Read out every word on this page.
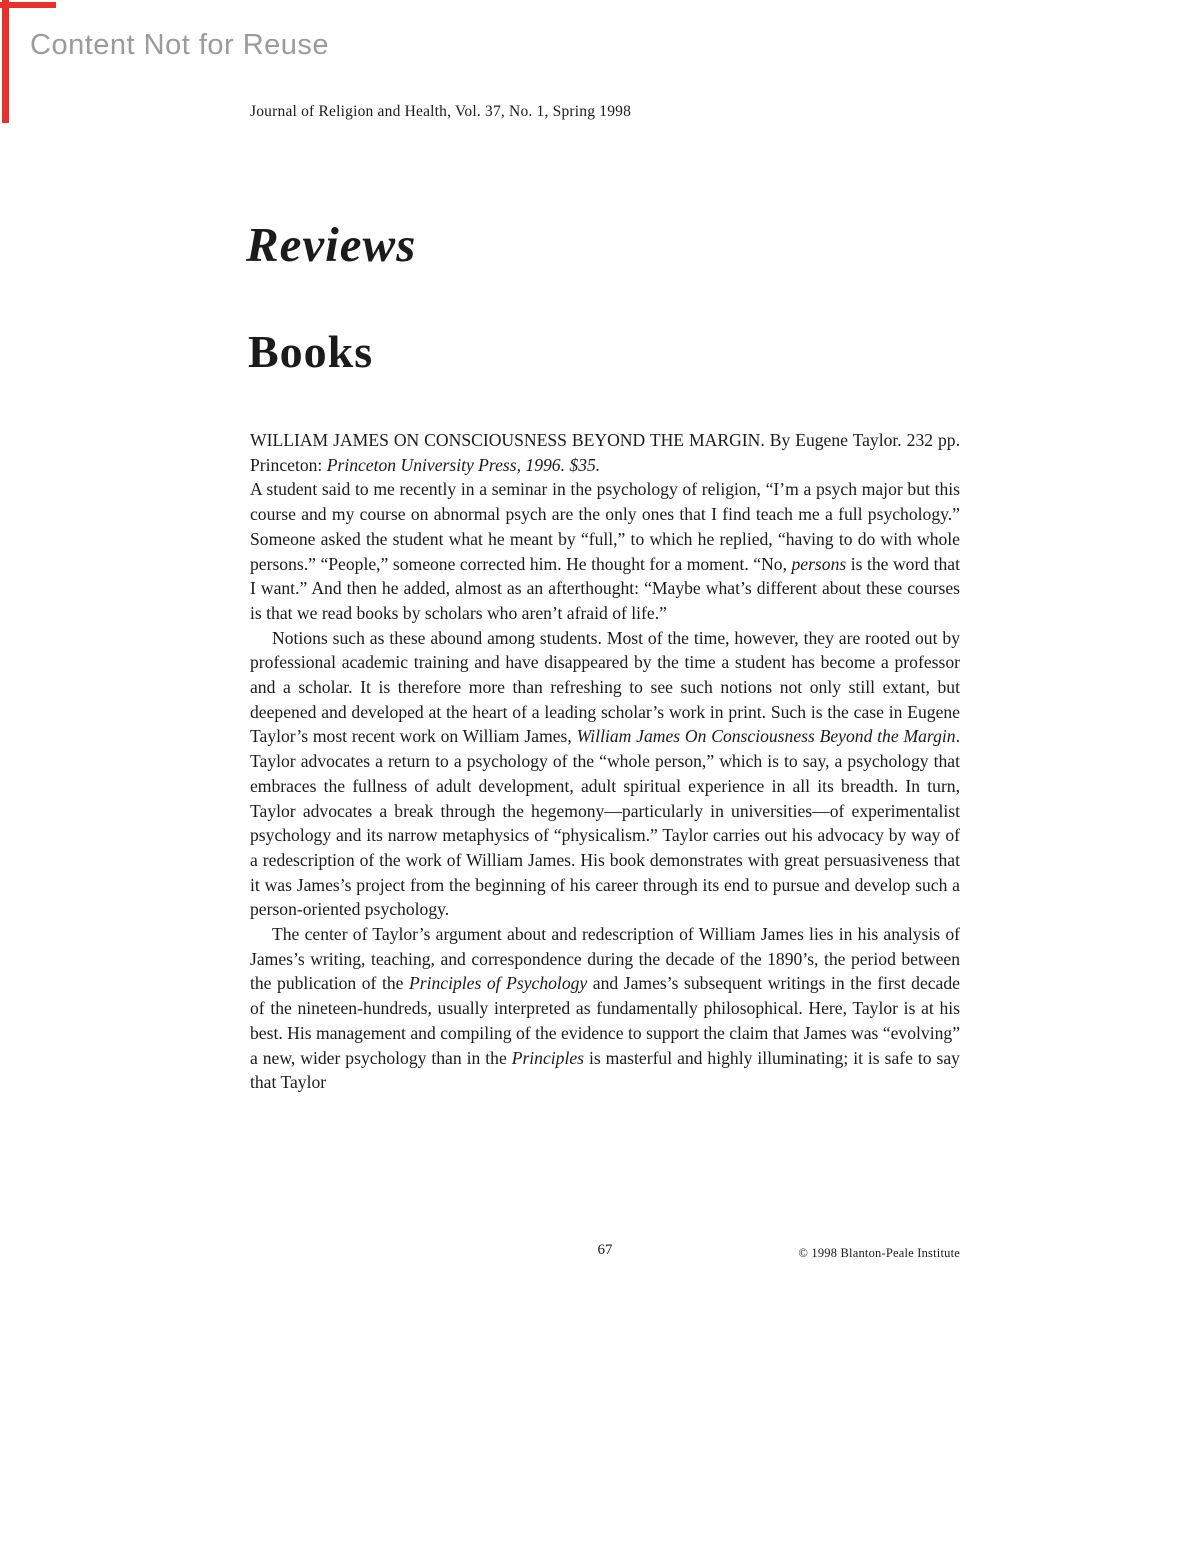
Content Not for Reuse
Journal of Religion and Health, Vol. 37, No. 1, Spring 1998
Reviews
Books

WILLIAM JAMES ON CONSCIOUSNESS BEYOND THE MARGIN. By Eugene Taylor. 232 pp. Princeton: Princeton University Press, 1996. $35.

A student said to me recently in a seminar in the psychology of religion, “I’m a psych major but this course and my course on abnormal psych are the only ones that I find teach me a full psychology.” Someone asked the student what he meant by “full,” to which he replied, “having to do with whole persons.” “People,” someone corrected him. He thought for a moment. “No, persons is the word that I want.” And then he added, almost as an afterthought: “Maybe what’s different about these courses is that we read books by scholars who aren’t afraid of life.”

Notions such as these abound among students. Most of the time, however, they are rooted out by professional academic training and have disappeared by the time a student has become a professor and a scholar. It is therefore more than refreshing to see such notions not only still extant, but deepened and developed at the heart of a leading scholar’s work in print. Such is the case in Eugene Taylor’s most recent work on William James, William James On Consciousness Beyond the Margin. Taylor advocates a return to a psychology of the “whole person,” which is to say, a psychology that embraces the fullness of adult development, adult spiritual experience in all its breadth. In turn, Taylor advocates a break through the hegemony—particularly in universities—of experimentalist psychology and its narrow metaphysics of “physicalism.” Taylor carries out his advocacy by way of a redescription of the work of William James. His book demonstrates with great persuasiveness that it was James’s project from the beginning of his career through its end to pursue and develop such a person-oriented psychology.

The center of Taylor’s argument about and redescription of William James lies in his analysis of James’s writing, teaching, and correspondence during the decade of the 1890’s, the period between the publication of the Principles of Psychology and James’s subsequent writings in the first decade of the nineteen-hundreds, usually interpreted as fundamentally philosophical. Here, Taylor is at his best. His management and compiling of the evidence to support the claim that James was “evolving” a new, wider psychology than in the Principles is masterful and highly illuminating; it is safe to say that Taylor

67	© 1998 Blanton-Peale Institute
